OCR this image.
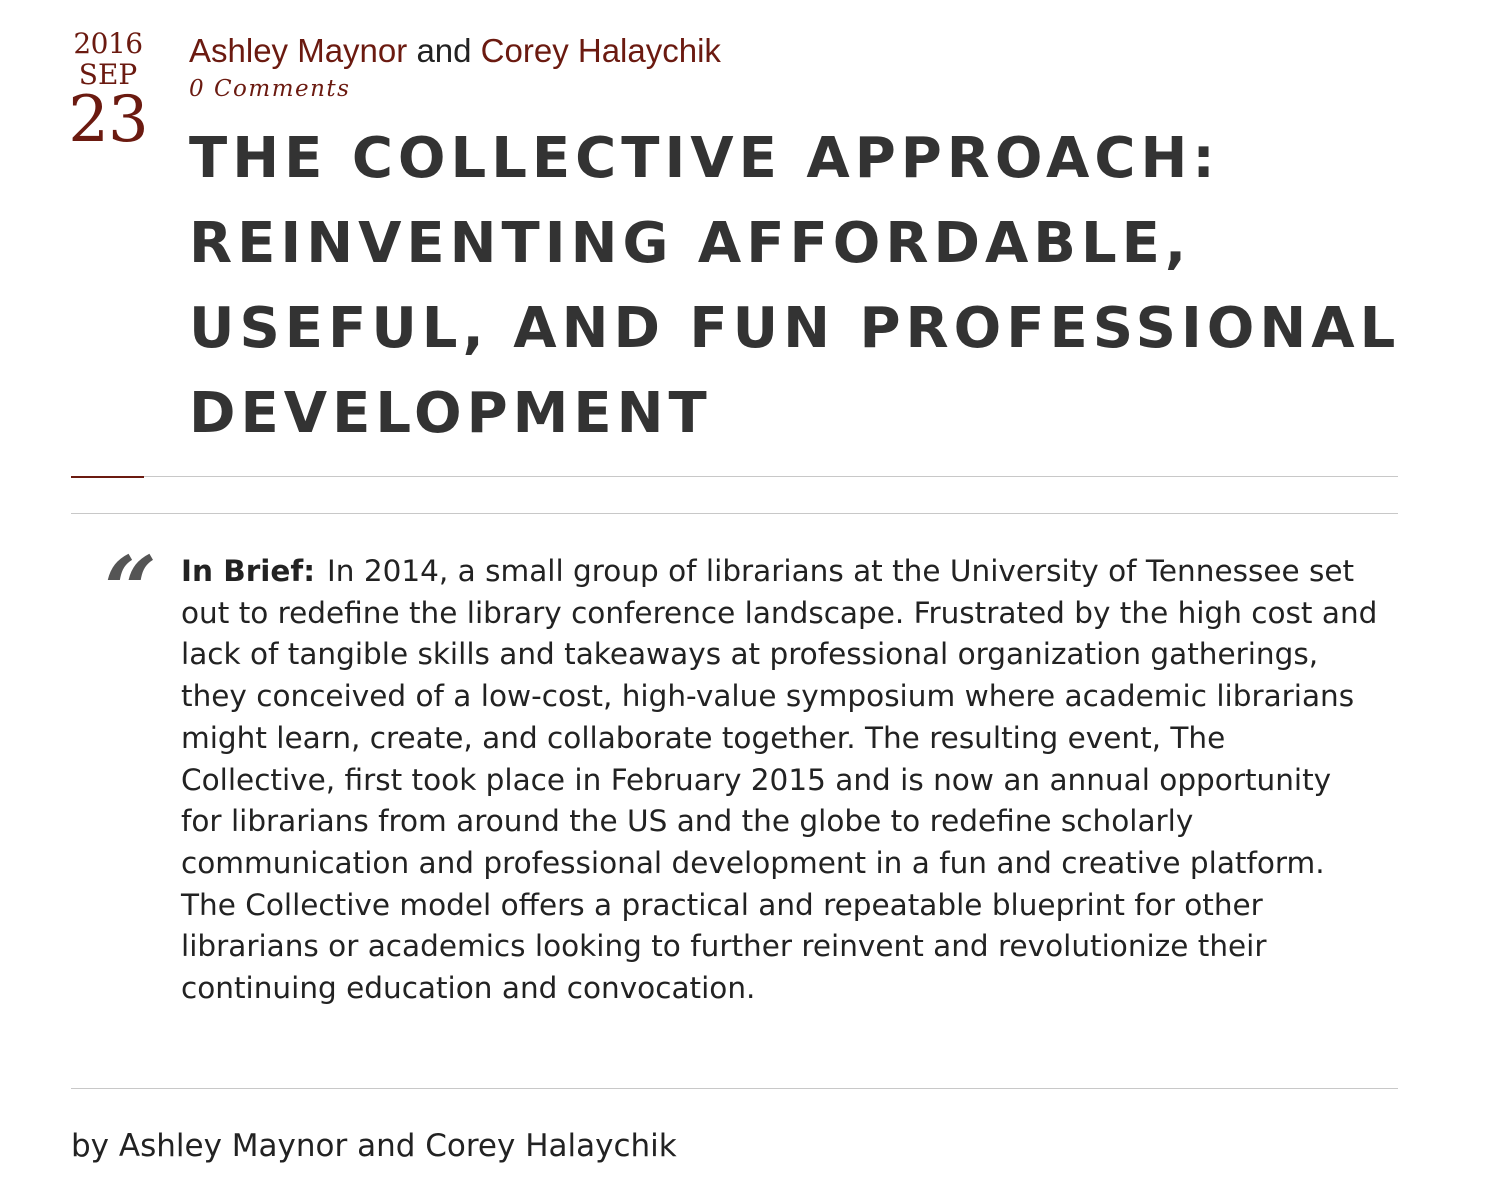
2016
SEP
23
Ashley Maynor and Corey Halaychik
0 Comments
THE COLLECTIVE APPROACH: REINVENTING AFFORDABLE, USEFUL, AND FUN PROFESSIONAL DEVELOPMENT
“ In Brief: In 2014, a small group of librarians at the University of Tennessee set out to redefine the library conference landscape. Frustrated by the high cost and lack of tangible skills and takeaways at professional organization gatherings, they conceived of a low-cost, high-value symposium where academic librarians might learn, create, and collaborate together. The resulting event, The Collective, first took place in February 2015 and is now an annual opportunity for librarians from around the US and the globe to redefine scholarly communication and professional development in a fun and creative platform. The Collective model offers a practical and repeatable blueprint for other librarians or academics looking to further reinvent and revolutionize their continuing education and convocation.

by Ashley Maynor and Corey Halaychik
